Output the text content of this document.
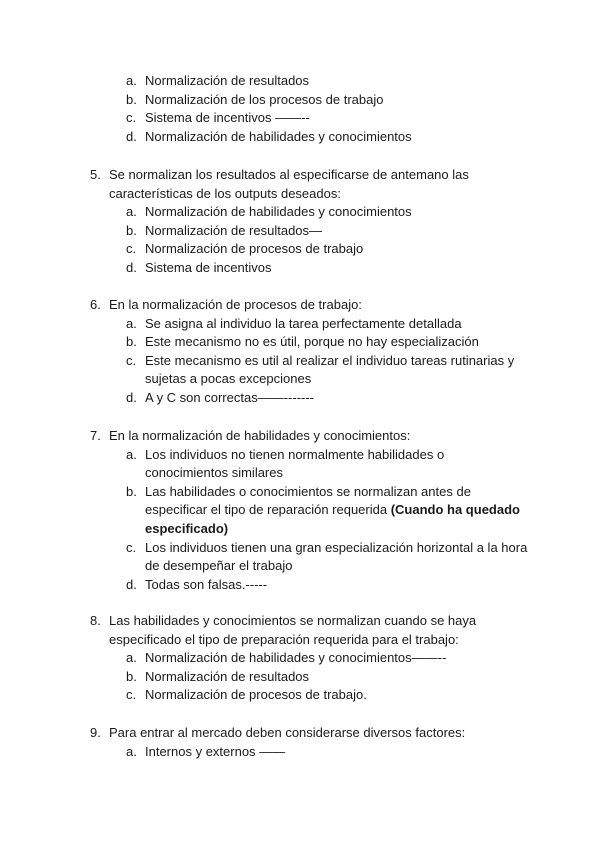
a. Normalización de resultados
b. Normalización de los procesos de trabajo
c. Sistema de incentivos ——--
d. Normalización de habilidades y conocimientos
5. Se normalizan los resultados al especificarse de antemano las características de los outputs deseados:
a. Normalización de habilidades y conocimientos
b. Normalización de resultados—
c. Normalización de procesos de trabajo
d. Sistema de incentivos
6. En la normalización de procesos de trabajo:
a. Se asigna al individuo la tarea perfectamente detallada
b. Este mecanismo no es útil, porque no hay especialización
c. Este mecanismo es util al realizar el individuo tareas rutinarias y sujetas a pocas excepciones
d. A y C son correctas——-------
7. En la normalización de habilidades y conocimientos:
a. Los individuos no tienen normalmente habilidades o conocimientos similares
b. Las habilidades o conocimientos se normalizan antes de especificar el tipo de reparación requerida (Cuando ha quedado especificado)
c. Los individuos tienen una gran especialización horizontal a la hora de desempeñar el trabajo
d. Todas son falsas.-----
8. Las habilidades y conocimientos se normalizan cuando se haya especificado el tipo de preparación requerida para el trabajo:
a. Normalización de habilidades y conocimientos——--
b. Normalización de resultados
c. Normalización de procesos de trabajo.
9. Para entrar al mercado deben considerarse diversos factores:
a. Internos y externos ——
